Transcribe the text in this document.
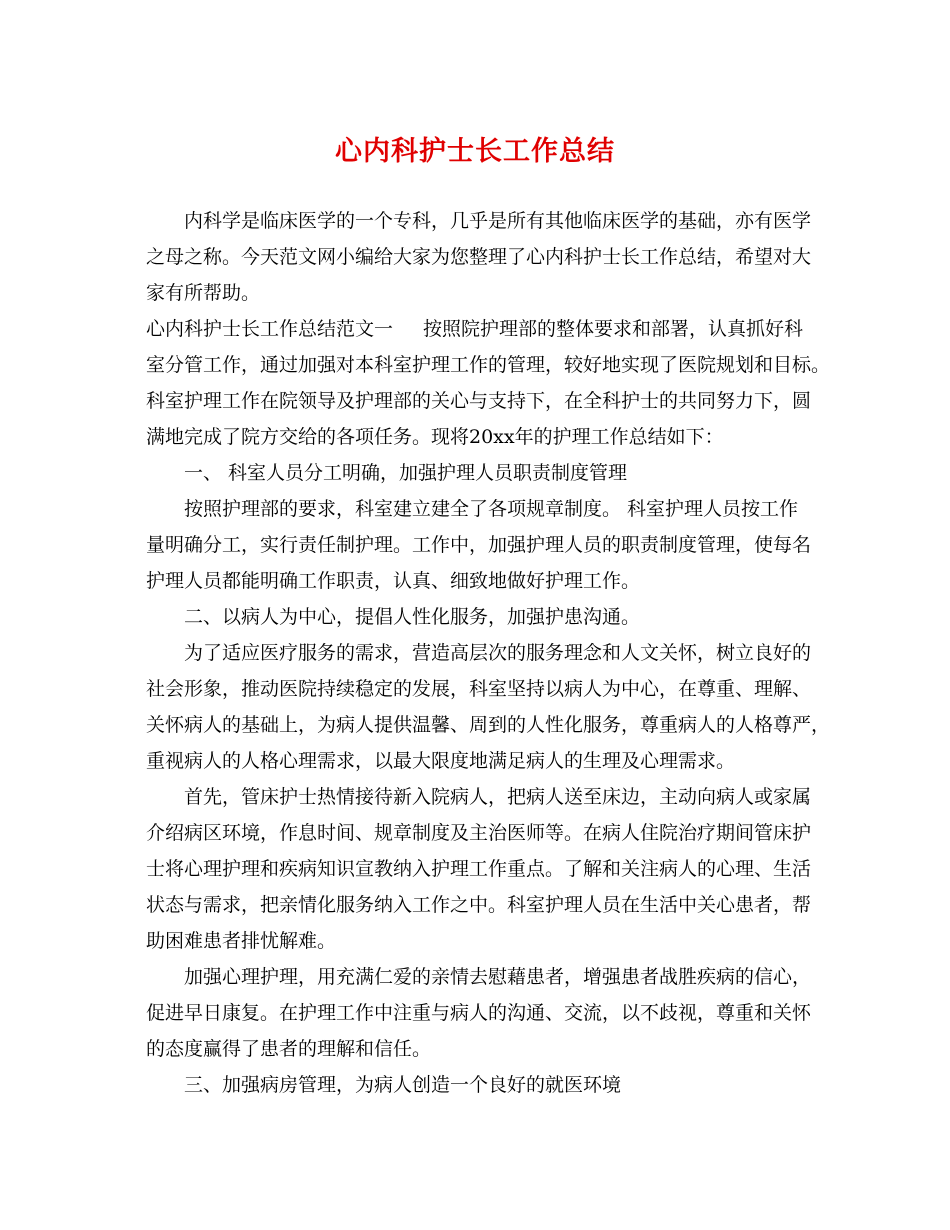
心内科护士长工作总结
内科学是临床医学的一个专科，几乎是所有其他临床医学的基础，亦有医学
之母之称。今天范文网小编给大家为您整理了心内科护士长工作总结，希望对大
家有所帮助。
心内科护士长工作总结范文一 按照院护理部的整体要求和部署，认真抓好科
室分管工作，通过加强对本科室护理工作的管理，较好地实现了医院规划和目标。
科室护理工作在院领导及护理部的关心与支持下，在全科护士的共同努力下，圆
满地完成了院方交给的各项任务。现将20xx年的护理工作总结如下：
一、 科室人员分工明确，加强护理人员职责制度管理
按照护理部的要求，科室建立建全了各项规章制度。 科室护理人员按工作
量明确分工，实行责任制护理。工作中，加强护理人员的职责制度管理，使每名
护理人员都能明确工作职责，认真、细致地做好护理工作。
二、以病人为中心，提倡人性化服务，加强护患沟通。
为了适应医疗服务的需求，营造高层次的服务理念和人文关怀，树立良好的
社会形象，推动医院持续稳定的发展，科室坚持以病人为中心，在尊重、理解、
关怀病人的基础上，为病人提供温馨、周到的人性化服务，尊重病人的人格尊严，
重视病人的人格心理需求，以最大限度地满足病人的生理及心理需求。
首先，管床护士热情接待新入院病人，把病人送至床边，主动向病人或家属
介绍病区环境，作息时间、规章制度及主治医师等。在病人住院治疗期间管床护
士将心理护理和疾病知识宣教纳入护理工作重点。了解和关注病人的心理、生活
状态与需求，把亲情化服务纳入工作之中。科室护理人员在生活中关心患者，帮
助困难患者排忧解难。
加强心理护理，用充满仁爱的亲情去慰藉患者，增强患者战胜疾病的信心，
促进早日康复。在护理工作中注重与病人的沟通、交流，以不歧视，尊重和关怀
的态度赢得了患者的理解和信任。
三、加强病房管理，为病人创造一个良好的就医环境
